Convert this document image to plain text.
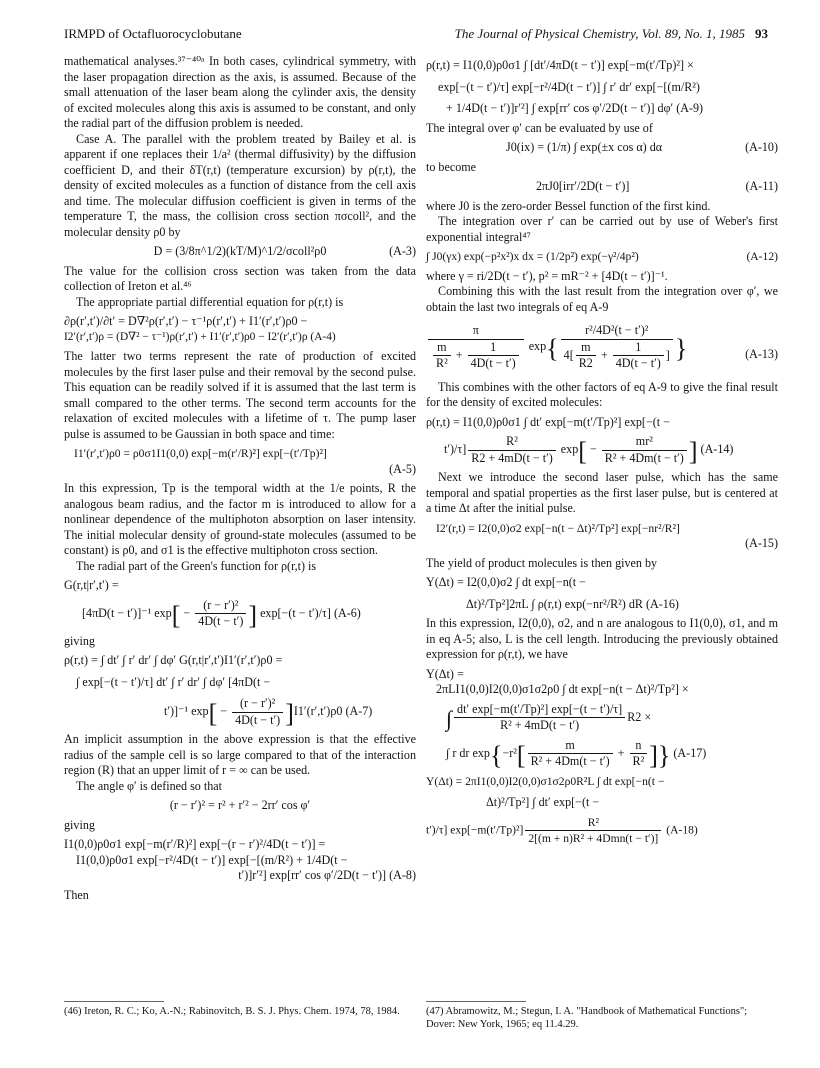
IRMPD of Octafluorocyclobutane	The Journal of Physical Chemistry, Vol. 89, No. 1, 1985 93

mathematical analyses.³⁷⁻⁴⁰ᵃ In both cases, cylindrical symmetry, with the laser propagation direction as the axis, is assumed. Because of the small attenuation of the laser beam along the cylinder axis, the density of excited molecules along this axis is assumed to be constant, and only the radial part of the diffusion problem is needed.

Case A. The parallel with the problem treated by Bailey et al. is apparent if one replaces their 1/a² (thermal diffusivity) by the diffusion coefficient D, and their δT(r,t) (temperature excursion) by ρ(r,t), the density of excited molecules as a function of distance from the cell axis and time. The molecular diffusion coefficient is given in terms of the temperature T, the mass, the collision cross section πσcoll², and the molecular density ρ0 by

D = (3/8π^1/2)(kT/M)^1/2/σcoll²ρ0	(A-3)

The value for the collision cross section was taken from the data collection of Ireton et al.⁴⁶

The appropriate partial differential equation for ρ(r,t) is

∂ρ(r′,t′)/∂t′ = D∇²ρ(r′,t′) − τ⁻¹ρ(r′,t′) + I1′(r′,t′)ρ0 −
I2′(r′,t′)ρ = (D∇² − τ⁻¹)ρ(r′,t′) + I1′(r′,t′)ρ0 − I2′(r′,t′)ρ (A-4)

The latter two terms represent the rate of production of excited molecules by the first laser pulse and their removal by the second pulse. This equation can be readily solved if it is assumed that the last term is small compared to the other terms. The second term accounts for the relaxation of excited molecules with a lifetime of τ. The pump laser pulse is assumed to be Gaussian in both space and time:

I1′(r′,t′)ρ0 = ρ0σ1I1(0,0) exp[−m(r′/R)²] exp[−(t′/Tp)²]
(A-5)

In this expression, Tp is the temporal width at the 1/e points, R the analogous beam radius, and the factor m is introduced to allow for a nonlinear dependence of the multiphoton absorption on laser intensity. The initial molecular density of ground-state molecules (assumed to be constant) is ρ0, and σ1 is the effective multiphoton cross section.

The radial part of the Green's function for ρ(r,t) is

G(r,t|r′,t′) =
[4πD(t − t′)]⁻¹ $\exp[ - \frac{\text{(r − r′)²}}{4D(t - t')}$ ] exp[−(t − t′)/τ] (A-6)

giving

ρ(r,t) = ∫ dt′ ∫ r′ dr′ ∫ dφ′ G(r,t|r′,t′)I1′(r′,t′)ρ0 =
∫ exp[−(t − t′)/τ] dt′ ∫ r′ dr′ ∫ dφ′ [4πD(t −
t′)]⁻¹ $\exp[ - \frac{\text{(r − r′)²}}{4D(t - t')} ]I1'(r',t')\rho 0$ (A-7)

An implicit assumption in the above expression is that the effective radius of the sample cell is so large compared to that of the interaction region (R) that an upper limit of r = ∞ can be used.

The angle φ′ is defined so that

(r − r′)² = r² + r′² − 2rr′ cos φ′

giving

I1(0,0)ρ0σ1 exp[−m(r′/R)²] exp[−(r − r′)²/4D(t − t′)] =
I1(0,0)ρ0σ1 exp[−r²/4D(t − t′)] exp[−[(m/R²) + 1/4D(t −
t′)]r′²] exp[rr′ cos φ′/2D(t − t′)] (A-8)

Then

ρ(r,t) = I1(0,0)ρ0σ1 ∫ [dt′/4πD(t − t′)] exp[−m(t′/Tp)²] ×
exp[−(t − t′)/τ] exp[−r²/4D(t − t′)] ∫ r′ dr′ exp[−[(m/R²)
+ 1/4D(t − t′)]r′²] ∫ exp[rr′ cos φ′/2D(t − t′)] dφ′ (A-9)

The integral over φ′ can be evaluated by use of

J0(ix) = (1/π) ∫ exp(±x cos α) dα	(A-10)

to become

2πJ0[irr′/2D(t − t′)]	(A-11)

where J0 is the zero-order Bessel function of the first kind.

The integration over r′ can be carried out by use of Weber's first exponential integral⁴⁷

∫ J0(γx) exp(−p²x²)x dx = (1/2p²) exp(−γ²/4p²)	(A-12)

where γ = ri/2D(t − t′), p² = mR⁻² + [4D(t − t′)]⁻¹.

Combining this with the last result from the integration over φ′, we obtain the last two integrals of eq A-9

$\frac{\pi}{\frac{m}{\text{R²}} + \frac{1}{4D(t - t')}} \exp\{ \frac{\text{r²/4D²(t − t′)²}}{4[ \frac{m}{R2} + \frac{1}{4D(t - t')} ]}$ }	(A-13)

This combines with the other factors of eq A-9 to give the final result for the density of excited molecules:

ρ(r,t) = I1(0,0)ρ0σ1 ∫ dt′ exp[−m(t′/Tp)²] exp[−(t −
$t')/\tau] \frac{\text{R²}}{R2 + 4mD(t - t')} \exp[ - \frac{\text{mr²}}{\text{R² + 4Dm(t − t′)}}$ ] (A-14)

Next we introduce the second laser pulse, which has the same temporal and spatial properties as the first laser pulse, but is centered at a time Δt after the initial pulse.

I2′(r,t) = I2(0,0)σ2 exp[−n(t − Δt)²/Tp²] exp[−nr²/R²]
(A-15)

The yield of product molecules is then given by

Y(Δt) = I2(0,0)σ2 ∫ dt exp[−n(t −
Δt)²/Tp²]2πL ∫ ρ(r,t) exp(−nr²/R²) dR (A-16)

In this expression, I2(0,0), σ2, and n are analogous to I1(0,0), σ1, and m in eq A-5; also, L is the cell length. Introducing the previously obtained expression for ρ(r,t), we have

Y(Δt) =
2πLI1(0,0)I2(0,0)σ1σ2ρ0 ∫ dt exp[−n(t − Δt)²/Tp²] ×
∫ $\frac{\text{dt′ exp[−m(t′/Tp)²] exp[−(t − t′)/τ]}}{\text{R² + 4mD(t − t′)}} R2$ ×
∫ r dr $\exp\{-r^2[ \frac{m}{\text{R² + 4Dm(t − t′)}} + \frac{n}{\text{R²}}$ ]} (A-17)
Y(Δt) = 2πI1(0,0)I2(0,0)σ1σ2ρ0R²L ∫ dt exp[−n(t −
Δt)²/Tp²] ∫ dt′ exp[−(t −
t′)/τ] $\exp[-m(t'/Tp)^2] \frac{\text{R²}}{\text{2[(m + n)R² + 4Dmn(t − t′)]}} (A-18)$
(46) Ireton, R. C.; Ko, A.-N.; Rabinovitch, B. S. J. Phys. Chem. 1974, 78, 1984.	(47) Abramowitz, M.; Stegun, I. A. "Handbook of Mathematical Functions"; Dover: New York, 1965; eq 11.4.29.
